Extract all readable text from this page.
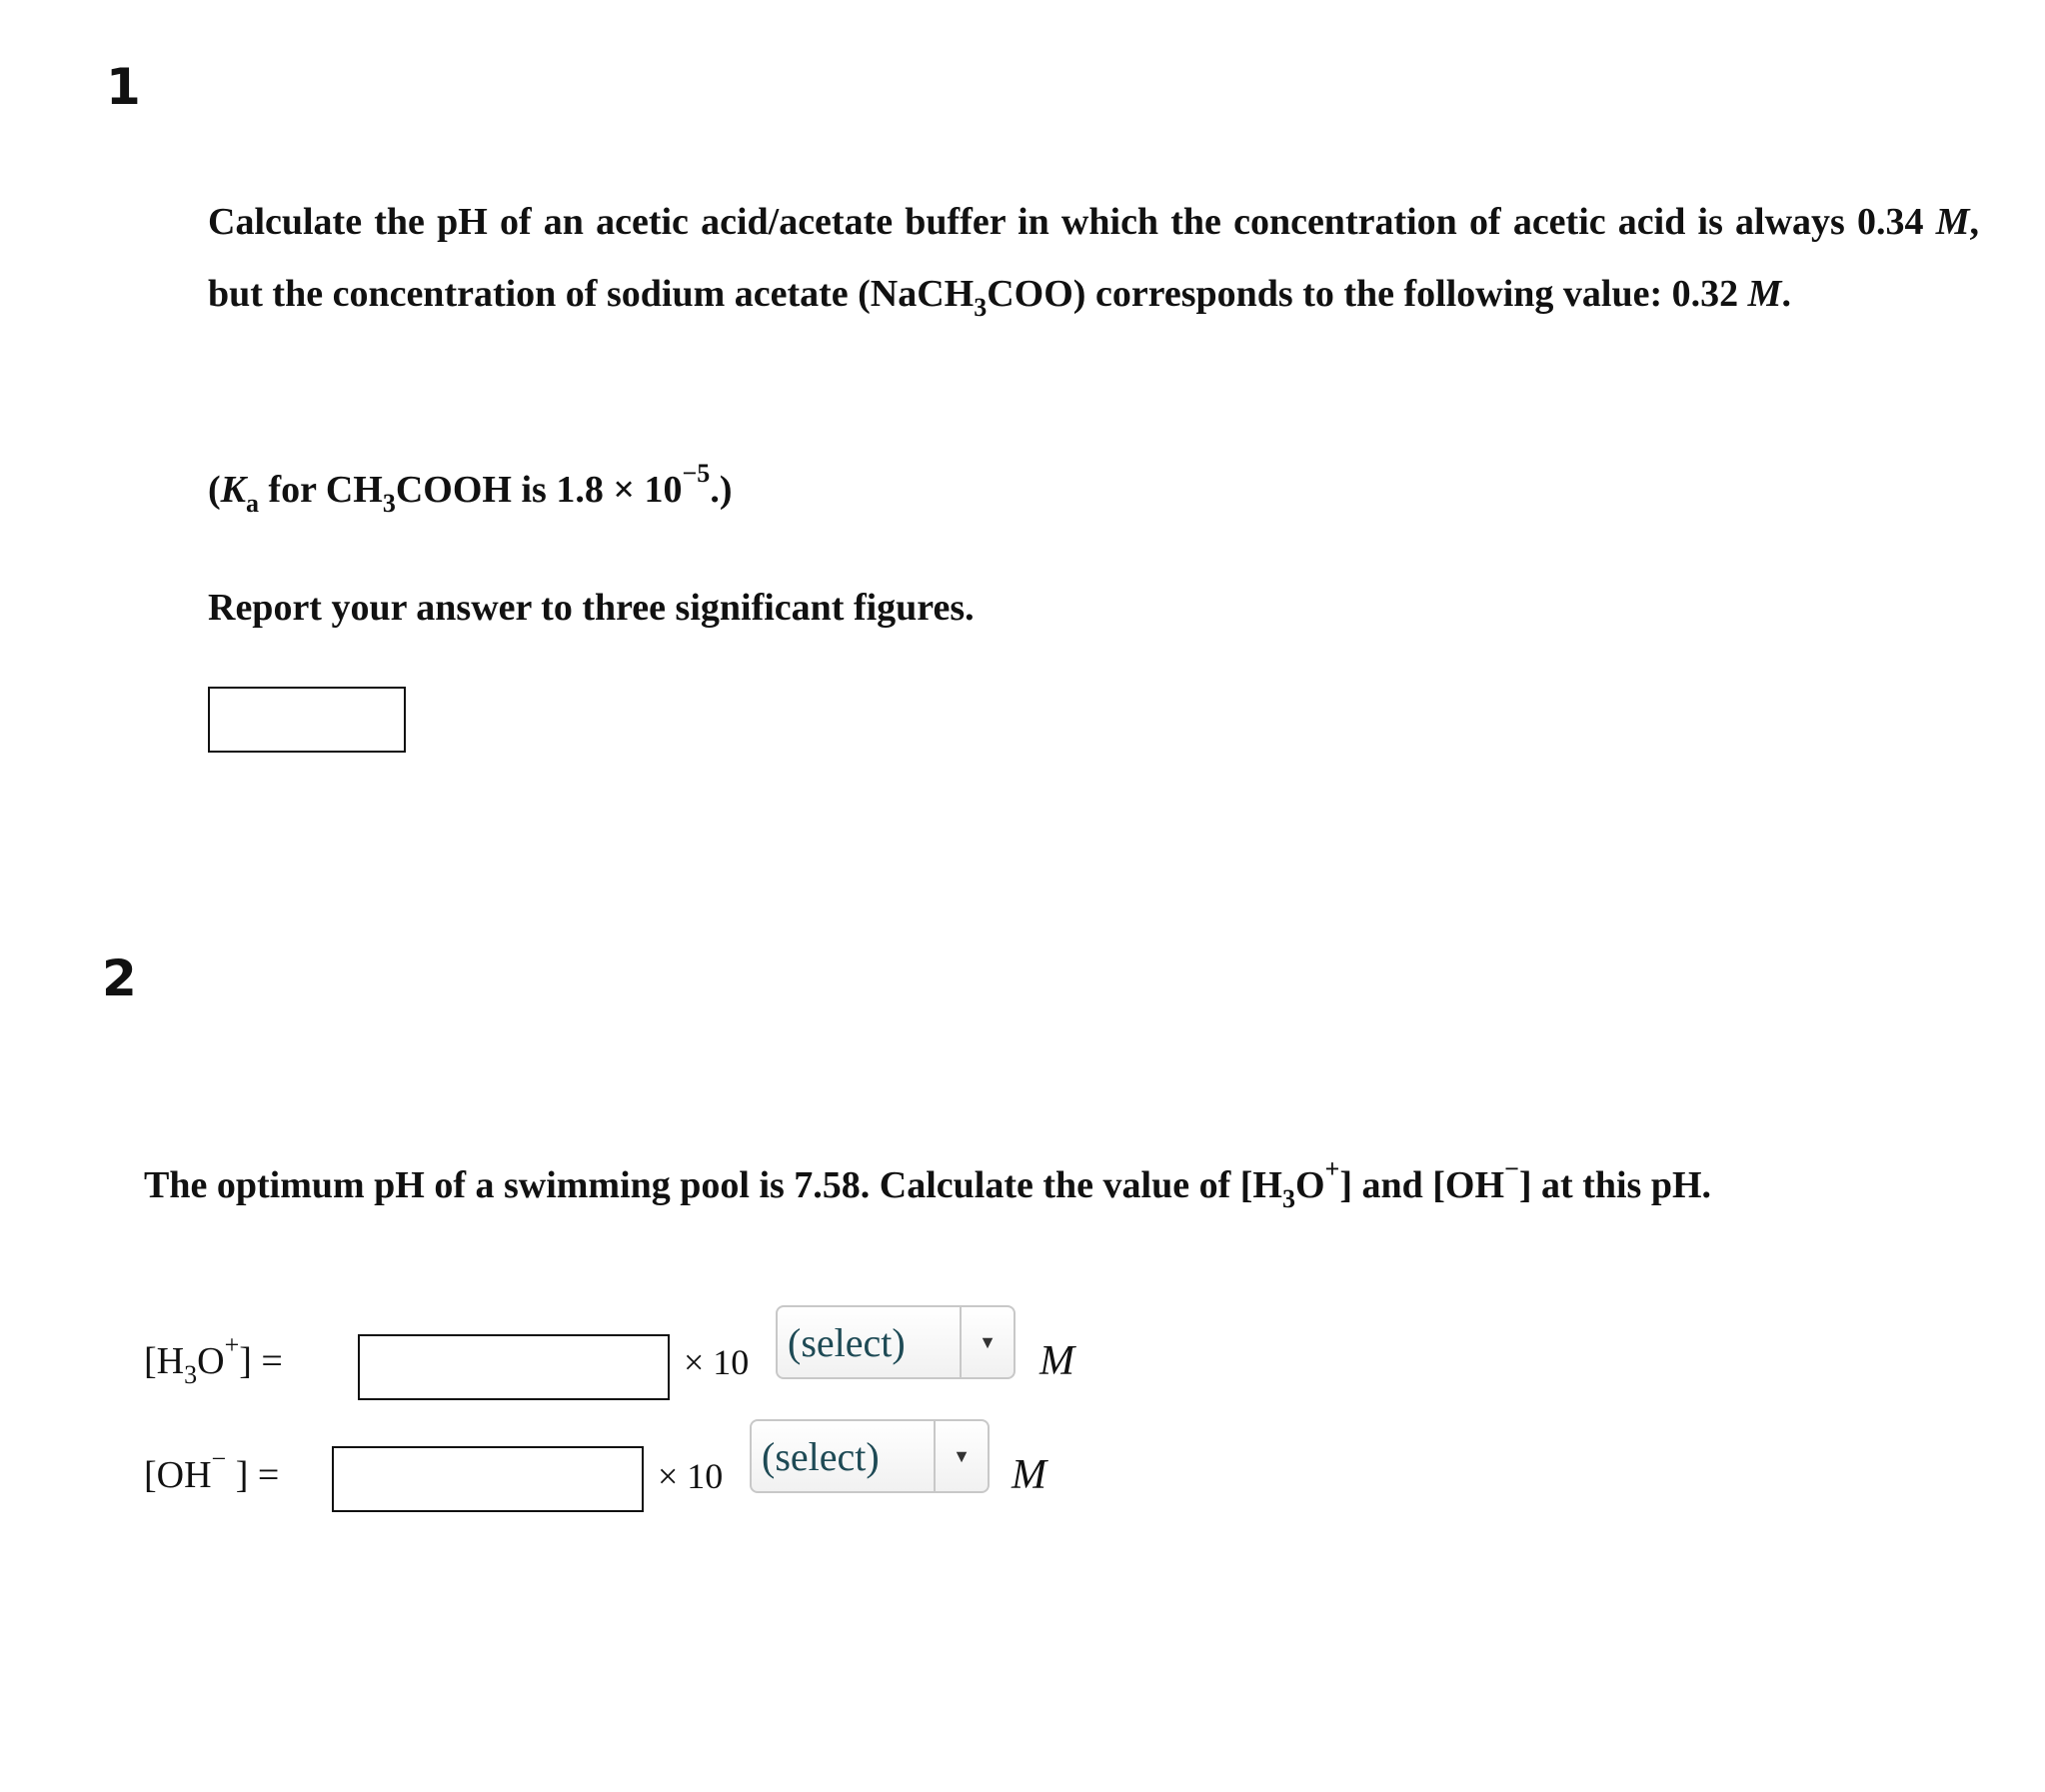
1
Calculate the pH of an acetic acid/acetate buffer in which the concentration of acetic acid is always 0.34 M, but the concentration of sodium acetate (NaCH$_3$COO) corresponds to the following value: 0.32 M.
($K_a$ for $CH_3COOH$ is $1.8 \times 10^{-5}$.)
Report your answer to three significant figures.
2
The optimum pH of a swimming pool is 7.58. Calculate the value of $[H_3O^+]$ and [OH−] at this pH.
$[H_3O^+]$ =	× 10 (select)	▼	M
[OH− ] =	× 10 (select)	▼ M
